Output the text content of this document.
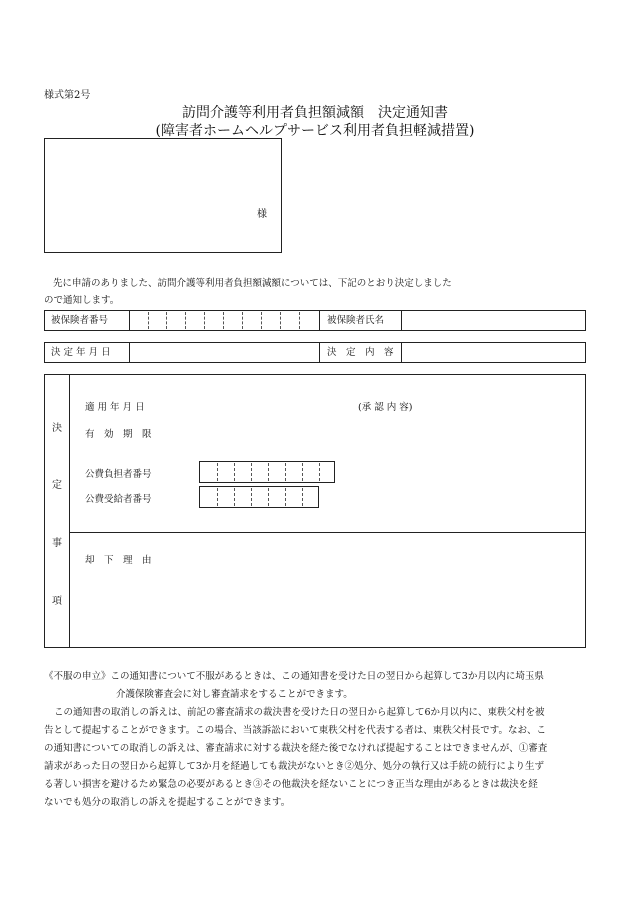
様式第2号
訪問介護等利用者負担額減額　決定通知書
(障害者ホームヘルプサービス利用者負担軽減措置)
様

先に申請のありました、訪問介護等利用者負担額減額については、下記のとおり決定しました

ので通知します。

被保険者番号	被保険者氏名
決 定 年 月 日	決　定　内　容
決
定
事
項
適 用 年 月 日	(承 認 内 容)
有　効　期　限
公費負担者番号
公費受給者番号
却　下　理　由

《不服の申立》この通知書について不服があるときは、この通知書を受けた日の翌日から起算して3か月以内に埼玉県

介護保険審査会に対し審査請求をすることができます。

この通知書の取消しの訴えは、前記の審査請求の裁決書を受けた日の翌日から起算して6か月以内に、東秩父村を被

告として提起することができます。この場合、当該訴訟において東秩父村を代表する者は、東秩父村長です。なお、こ

の通知書についての取消しの訴えは、審査請求に対する裁決を経た後でなければ提起することはできませんが、①審査

請求があった日の翌日から起算して3か月を経過しても裁決がないとき②処分、処分の執行又は手続の続行により生ず

る著しい損害を避けるため緊急の必要があるとき③その他裁決を経ないことにつき正当な理由があるときは裁決を経

ないでも処分の取消しの訴えを提起することができます。
